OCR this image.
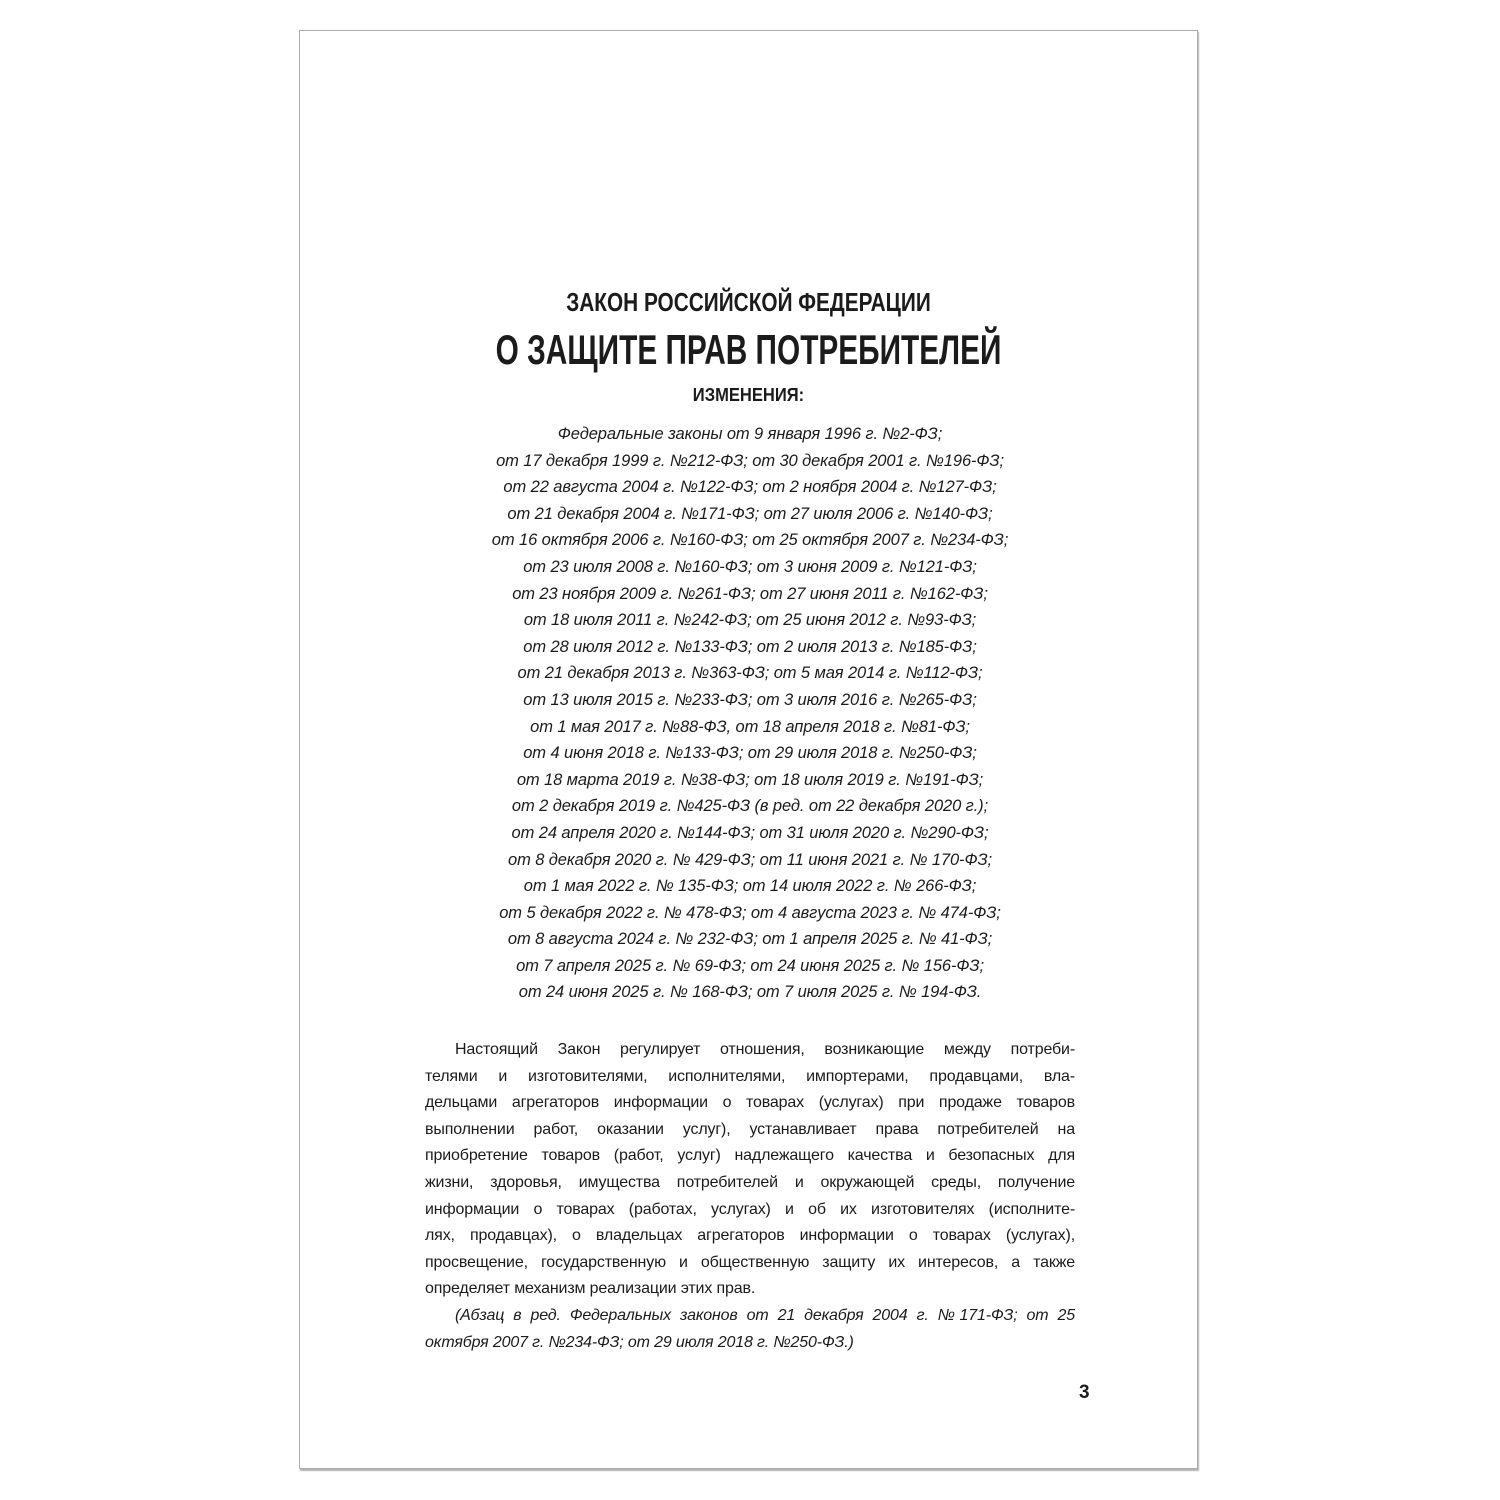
ЗАКОН РОССИЙСКОЙ ФЕДЕРАЦИИ
О ЗАЩИТЕ ПРАВ ПОТРЕБИТЕЛЕЙ
ИЗМЕНЕНИЯ:
Федеральные законы от 9 января 1996 г. №2-ФЗ;
от 17 декабря 1999 г. №212-ФЗ; от 30 декабря 2001 г. №196-ФЗ;
от 22 августа 2004 г. №122-ФЗ; от 2 ноября 2004 г. №127-ФЗ;
от 21 декабря 2004 г. №171-ФЗ; от 27 июля 2006 г. №140-ФЗ;
от 16 октября 2006 г. №160-ФЗ; от 25 октября 2007 г. №234-ФЗ;
от 23 июля 2008 г. №160-ФЗ; от 3 июня 2009 г. №121-ФЗ;
от 23 ноября 2009 г. №261-ФЗ; от 27 июня 2011 г. №162-ФЗ;
от 18 июля 2011 г. №242-ФЗ; от 25 июня 2012 г. №93-ФЗ;
от 28 июля 2012 г. №133-ФЗ; от 2 июля 2013 г. №185-ФЗ;
от 21 декабря 2013 г. №363-ФЗ; от 5 мая 2014 г. №112-ФЗ;
от 13 июля 2015 г. №233-ФЗ; от 3 июля 2016 г. №265-ФЗ;
от 1 мая 2017 г. №88-ФЗ, от 18 апреля 2018 г. №81-ФЗ;
от 4 июня 2018 г. №133-ФЗ; от 29 июля 2018 г. №250-ФЗ;
от 18 марта 2019 г. №38-ФЗ; от 18 июля 2019 г. №191-ФЗ;
от 2 декабря 2019 г. №425-ФЗ (в ред. от 22 декабря 2020 г.);
от 24 апреля 2020 г. №144-ФЗ; от 31 июля 2020 г. №290-ФЗ;
от 8 декабря 2020 г. № 429-ФЗ; от 11 июня 2021 г. № 170-ФЗ;
от 1 мая 2022 г. № 135-ФЗ; от 14 июля 2022 г. № 266-ФЗ;
от 5 декабря 2022 г. № 478-ФЗ; от 4 августа 2023 г. № 474-ФЗ;
от 8 августа 2024 г. № 232-ФЗ; от 1 апреля 2025 г. № 41-ФЗ;
от 7 апреля 2025 г. № 69-ФЗ; от 24 июня 2025 г. № 156-ФЗ;
от 24 июня 2025 г. № 168-ФЗ; от 7 июля 2025 г. № 194-ФЗ.
Настоящий Закон регулирует отношения, возникающие между потреби-
телями и изготовителями, исполнителями, импортерами, продавцами, вла-
дельцами агрегаторов информации о товарах (услугах) при продаже товаров
выполнении работ, оказании услуг), устанавливает права потребителей на
приобретение товаров (работ, услуг) надлежащего качества и безопасных для
жизни, здоровья, имущества потребителей и окружающей среды, получение
информации о товарах (работах, услугах) и об их изготовителях (исполните-
лях, продавцах), о владельцах агрегаторов информации о товарах (услугах),
просвещение, государственную и общественную защиту их интересов, а также
определяет механизм реализации этих прав.
(Абзац в ред. Федеральных законов от 21 декабря 2004 г. №171-ФЗ; от 25
октября 2007 г. №234-ФЗ; от 29 июля 2018 г. №250-ФЗ.)
3
